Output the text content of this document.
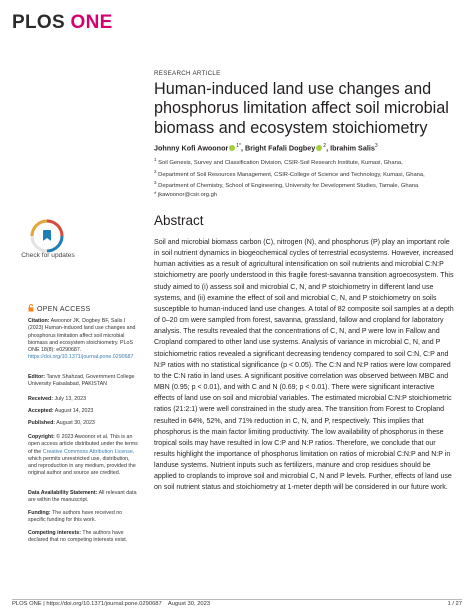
PLOS ONE
RESEARCH ARTICLE
Human-induced land use changes and phosphorus limitation affect soil microbial biomass and ecosystem stoichiometry
Johnny Kofi Awoonor $^{1*}$, Bright Fafali Dogbey $^2$, Ibrahim Salis$^3$
$^1$ Soil Genesis, Survey and Classification Division, CSIR-Soil Research Institute, Kumasi, Ghana,
$^2$ Department of Soil Resources Management, CSIR-College of Science and Technology, Kumasi, Ghana,
$^3$ Department of Chemistry, School of Engineering, University for Development Studies, Tamale, Ghana
* jkawoonor@csir.org.gh
Abstract
Soil and microbial biomass carbon (C), nitrogen (N), and phosphorus (P) play an important role in soil nutrient dynamics in biogeochemical cycles of terrestrial ecosystems. However, increased human activities as a result of agricultural intensification on soil nutrients and microbial C:N:P stoichiometry are poorly understood in this fragile forest-savanna transition agroecosystem. This study aimed to (i) assess soil and microbial C, N, and P stoichiometry in different land use systems, and (ii) examine the effect of soil and microbial C, N, and P stoichiometry on soils susceptible to human-induced land use changes. A total of 82 composite soil samples at a depth of 0–20 cm were sampled from forest, savanna, grassland, fallow and cropland for laboratory analysis. The results revealed that the concentrations of C, N, and P were low in Fallow and Cropland compared to other land use systems. Analysis of variance in microbial C, N, and P stoichiometric ratios revealed a significant decreasing tendency compared to soil C:N, C:P and N:P ratios with no statistical significance (p < 0.05). The C:N and N:P ratios were low compared to the C:N ratio in land uses. A significant positive correlation was observed between MBC and MBN (0.95; p < 0.01), and with C and N (0.69; p < 0.01). There were significant interactive effects of land use on soil and microbial variables. The estimated microbial C:N:P stoichiometric ratios (21:2:1) were well constrained in the study area. The transition from Forest to Cropland resulted in 64%, 52%, and 71% reduction in C, N, and P, respectively. This implies that phosphorus is the main factor limiting productivity. The low availability of phosphorus in these tropical soils may have resulted in low C:P and N:P ratios. Therefore, we conclude that our results highlight the importance of phosphorus limitation on ratios of microbial C:N:P and N:P in landuse systems. Nutrient inputs such as fertilizers, manure and crop residues should be applied to croplands to improve soil and microbial C, N and P levels. Further, effects of land use on soil nutrient status and stoichiometry at 1-meter depth will be considered in our future work.
Check for updates
OPEN ACCESS
Citation: Awoonor JK, Dogbey BF, Salis I (2023) Human-induced land use changes and phosphorus limitation affect soil microbial biomass and ecosystem stoichiometry. PLoS ONE 18(8): e0290687. https://doi.org/10.1371/journal.pone.0290687
Editor: Tanvir Shahzad, Government College University Faisalabad, PAKISTAN
Received: July 13, 2023
Accepted: August 14, 2023
Published: August 30, 2023
Copyright: © 2023 Awoonor et al. This is an open access article distributed under the terms of the Creative Commons Attribution License, which permits unrestricted use, distribution, and reproduction in any medium, provided the original author and source are credited.
Data Availability Statement: All relevant data are within the manuscript.
Funding: The authors have received no specific funding for this work.
Competing interests: The authors have declared that no competing interests exist.
PLOS ONE | https://doi.org/10.1371/journal.pone.0290687    August 30, 2023	1 / 27
